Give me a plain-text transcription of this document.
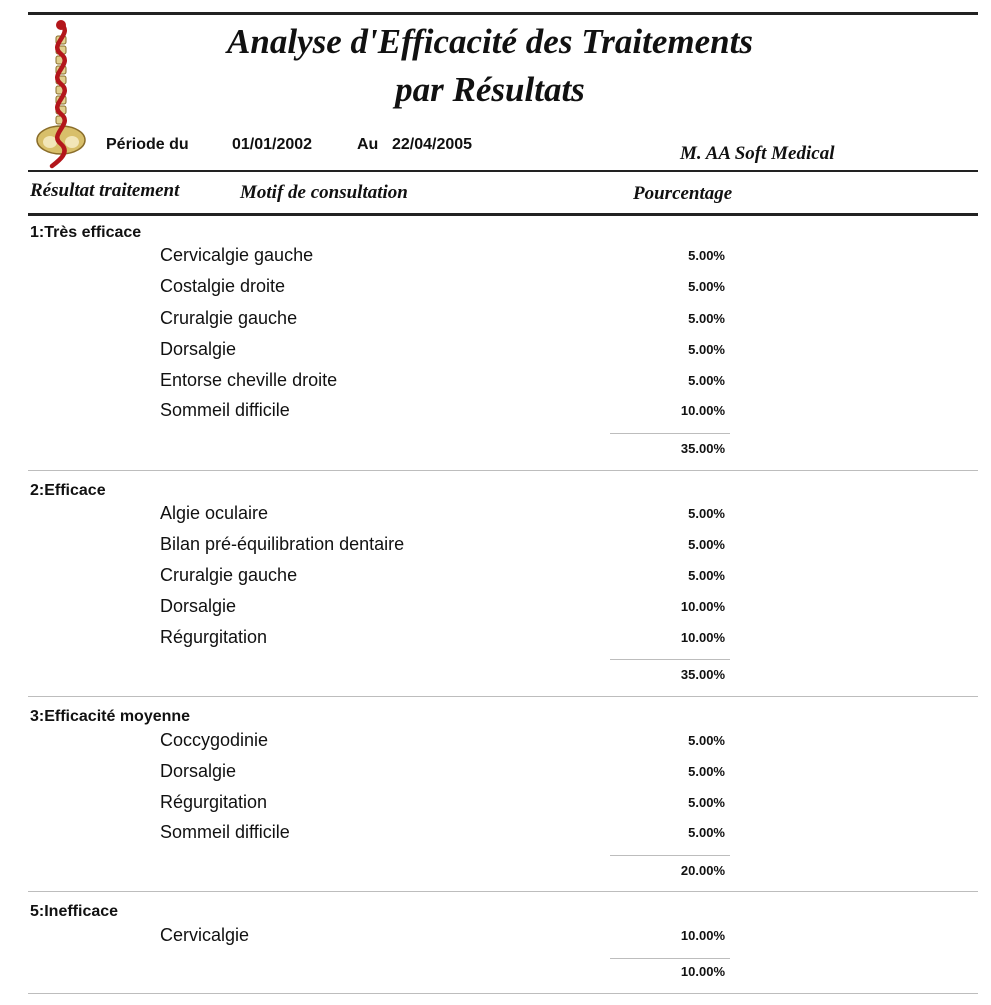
Analyse d'Efficacité des Traitements
par Résultats
Période du	01/01/2002	Au 22/04/2005	M. AA Soft Medical
Résultat traitement	Motif de consultation	Pourcentage
1:Très efficace
Cervicalgie gauche	5.00%
Costalgie droite	5.00%
Cruralgie gauche	5.00%
Dorsalgie	5.00%
Entorse cheville droite	5.00%
Sommeil difficile	10.00%
35.00%
2:Efficace
Algie oculaire	5.00%
Bilan pré-équilibration dentaire	5.00%
Cruralgie gauche	5.00%
Dorsalgie	10.00%
Régurgitation	10.00%
35.00%
3:Efficacité moyenne
Coccygodinie	5.00%
Dorsalgie	5.00%
Régurgitation	5.00%
Sommeil difficile	5.00%
20.00%
5:Inefficace
Cervicalgie	10.00%
10.00%
